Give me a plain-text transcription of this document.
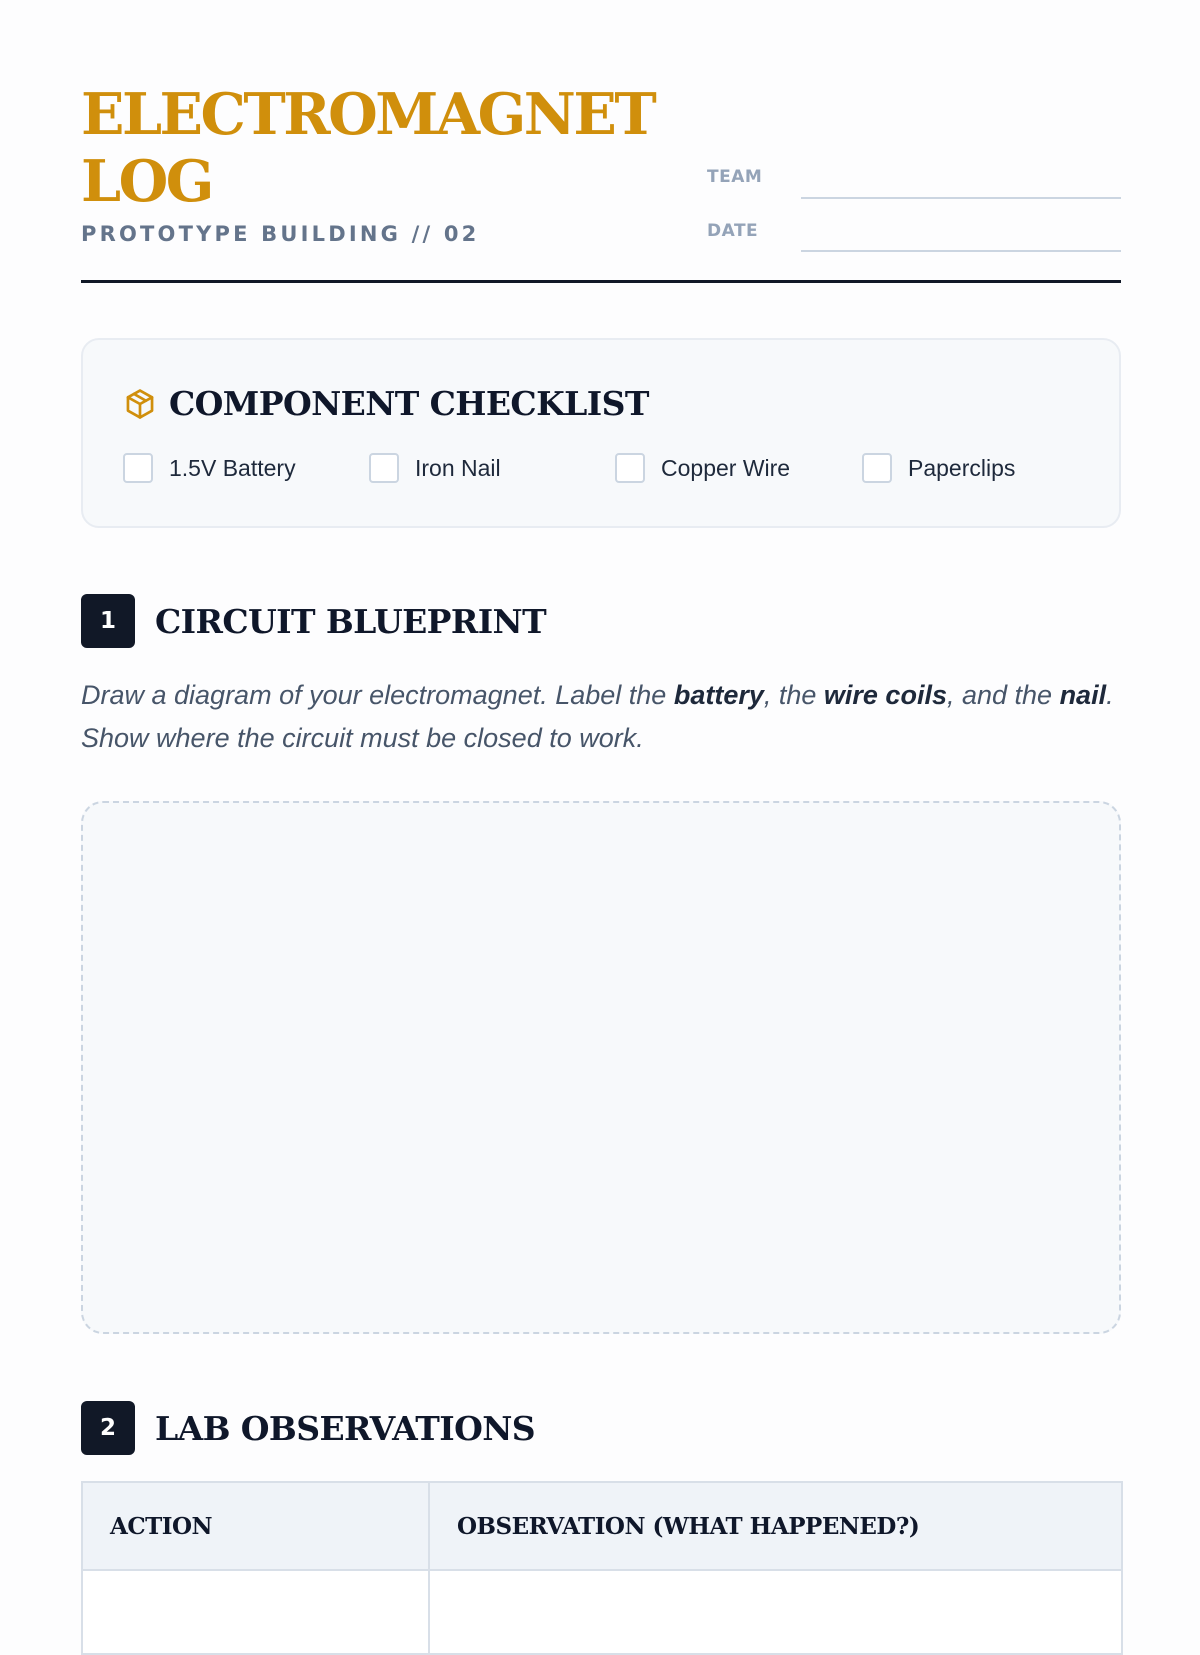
ELECTROMAGNET
LOG

PROTOTYPE BUILDING // 02

TEAM
DATE
COMPONENT CHECKLIST
1.5V Battery	Iron Nail	Copper Wire	Paperclips
1	CIRCUIT BLUEPRINT

Draw a diagram of your electromagnet. Label the battery, the wire coils, and the nail. Show where the circuit must be closed to work.

2	LAB OBSERVATIONS
ACTION	OBSERVATION (WHAT HAPPENED?)
